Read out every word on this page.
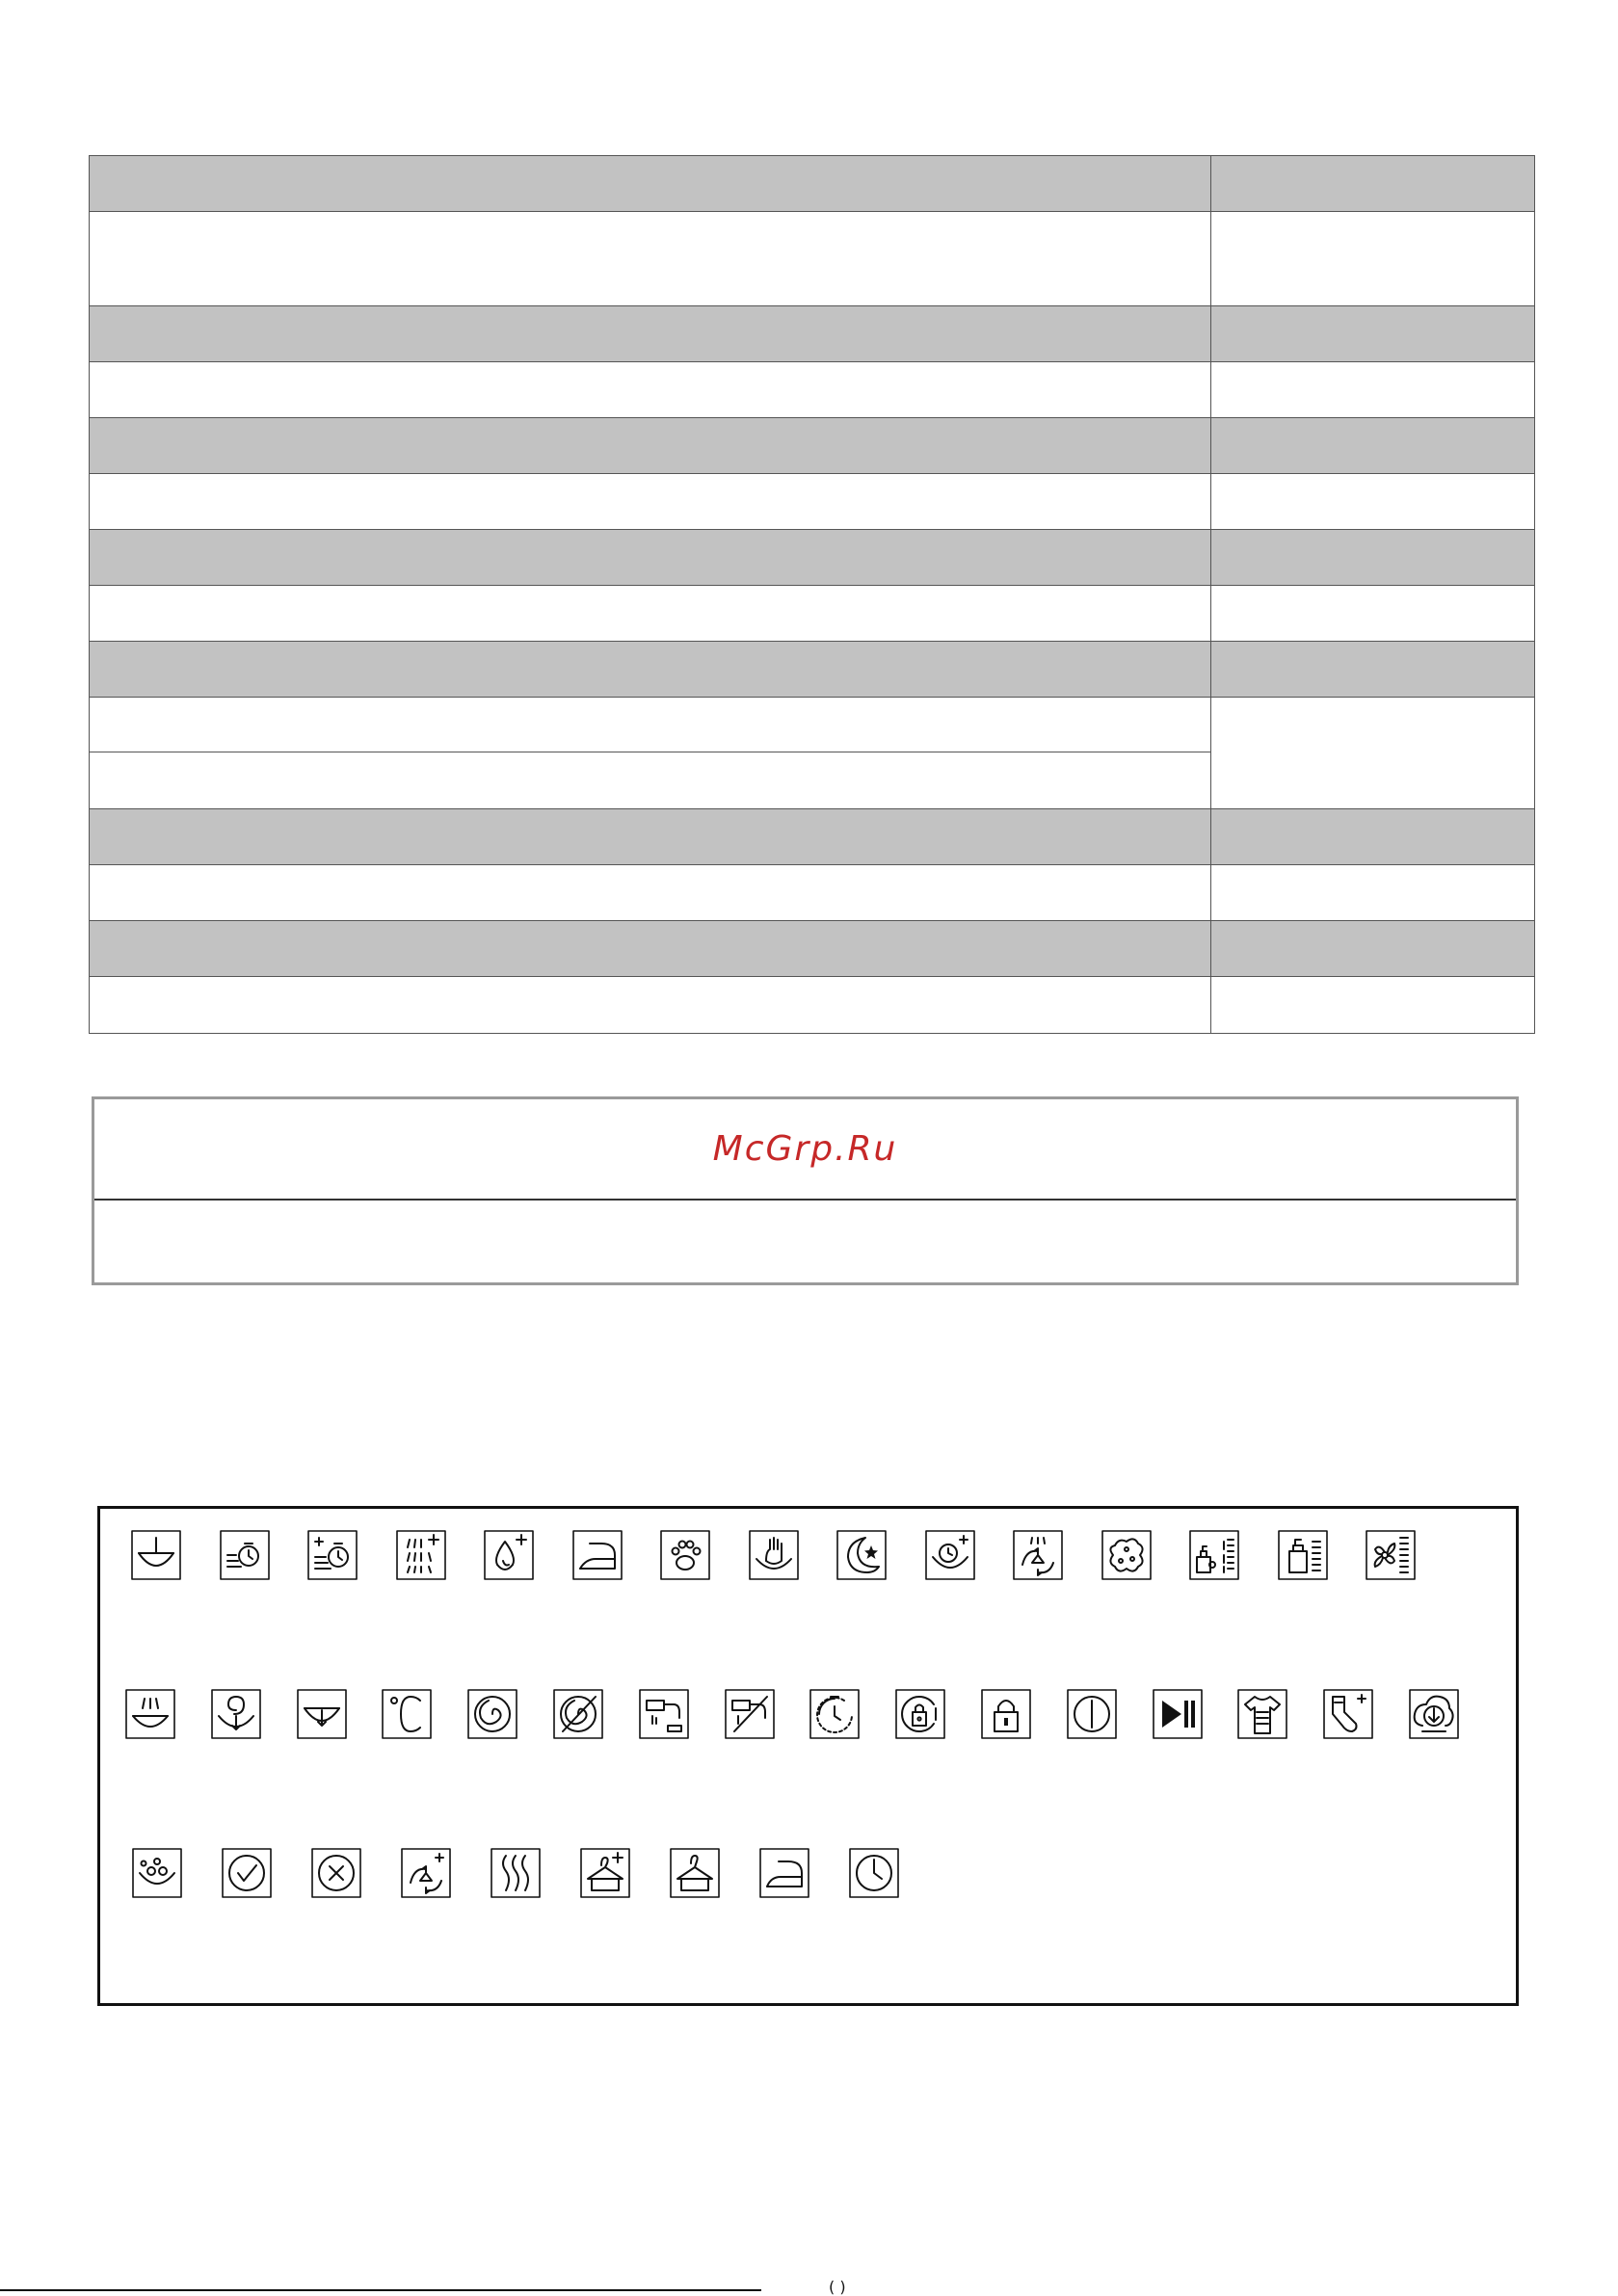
McGrp.Ru
( )
